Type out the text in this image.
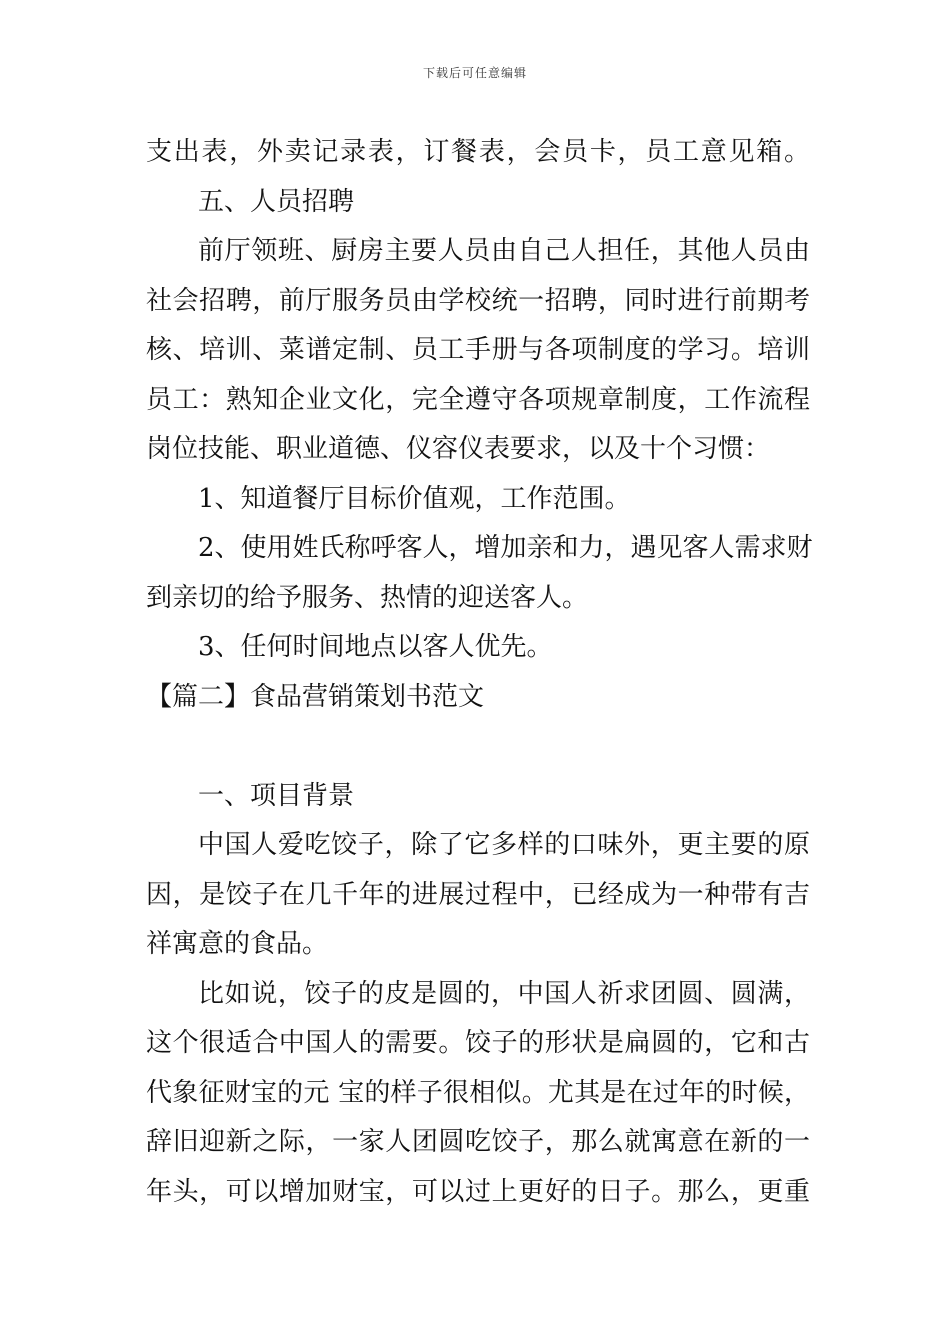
下载后可任意编辑
支出表，外卖记录表，订餐表，会员卡，员工意见箱。
五、人员招聘
前厅领班、厨房主要人员由自己人担任，其他人员由
社会招聘，前厅服务员由学校统一招聘，同时进行前期考
核、培训、菜谱定制、员工手册与各项制度的学习。培训
员工：熟知企业文化，完全遵守各项规章制度，工作流程
岗位技能、职业道德、仪容仪表要求，以及十个习惯：
1、知道餐厅目标价值观，工作范围。
2、使用姓氏称呼客人，增加亲和力，遇见客人需求财
到亲切的给予服务、热情的迎送客人。
3、任何时间地点以客人优先。
【篇二】食品营销策划书范文
一、项目背景
中国人爱吃饺子，除了它多样的口味外，更主要的原
因，是饺子在几千年的进展过程中，已经成为一种带有吉
祥寓意的食品。
比如说，饺子的皮是圆的，中国人祈求团圆、圆满，
这个很适合中国人的需要。饺子的形状是扁圆的，它和古
代象征财宝的元 宝的样子很相似。尤其是在过年的时候，
辞旧迎新之际，一家人团圆吃饺子，那么就寓意在新的一
年头，可以增加财宝，可以过上更好的日子。那么，更重
